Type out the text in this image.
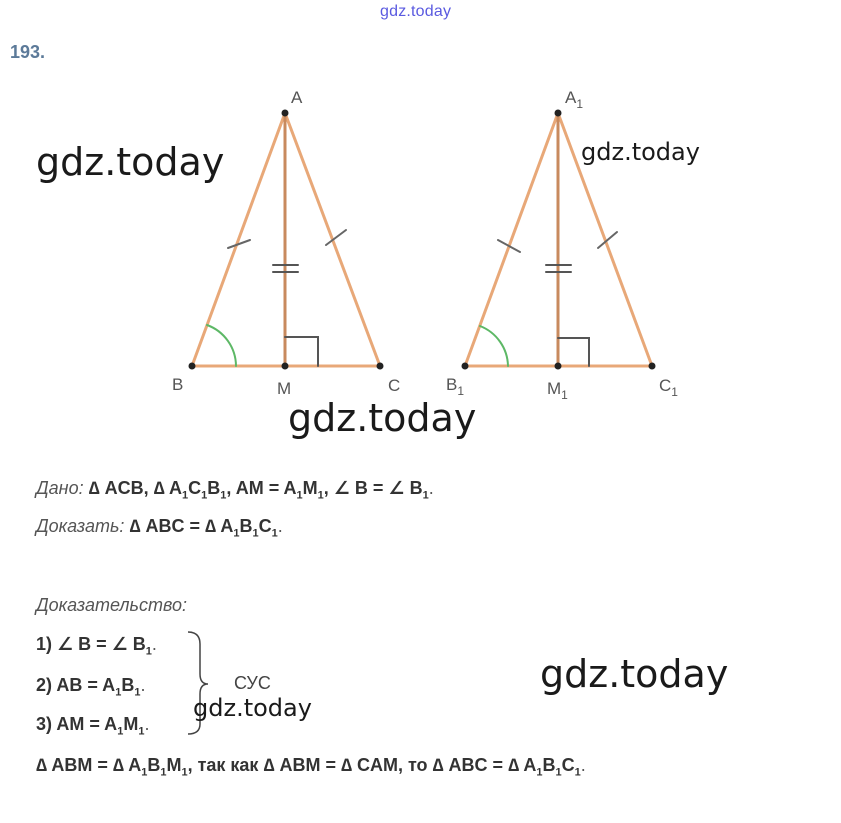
gdz.today
193.
A
B	M	C
$A_1$
$B_1$	$M_1$	$C_1$
gdz.today	gdz.today
gdz.today
gdz.today
Дано: ∆ ACB, ∆ $A_1C_1B_1$, AM = $A_1M_1$, ∠ B = ∠ $B_1$.
Доказать: ∆ ABC = ∆ $A_1B_1C_1$.
Доказательство:
1) ∠ B = ∠ $B_1$.
2) AB = $A_1B_1$.
3) AM = $A_1M_1$.
СУС
gdz.today
∆ ABM = ∆ $A_1B_1M_1$, так как ∆ ABM = ∆ CAM, то ∆ ABC = ∆ $A_1B_1C_1$.
